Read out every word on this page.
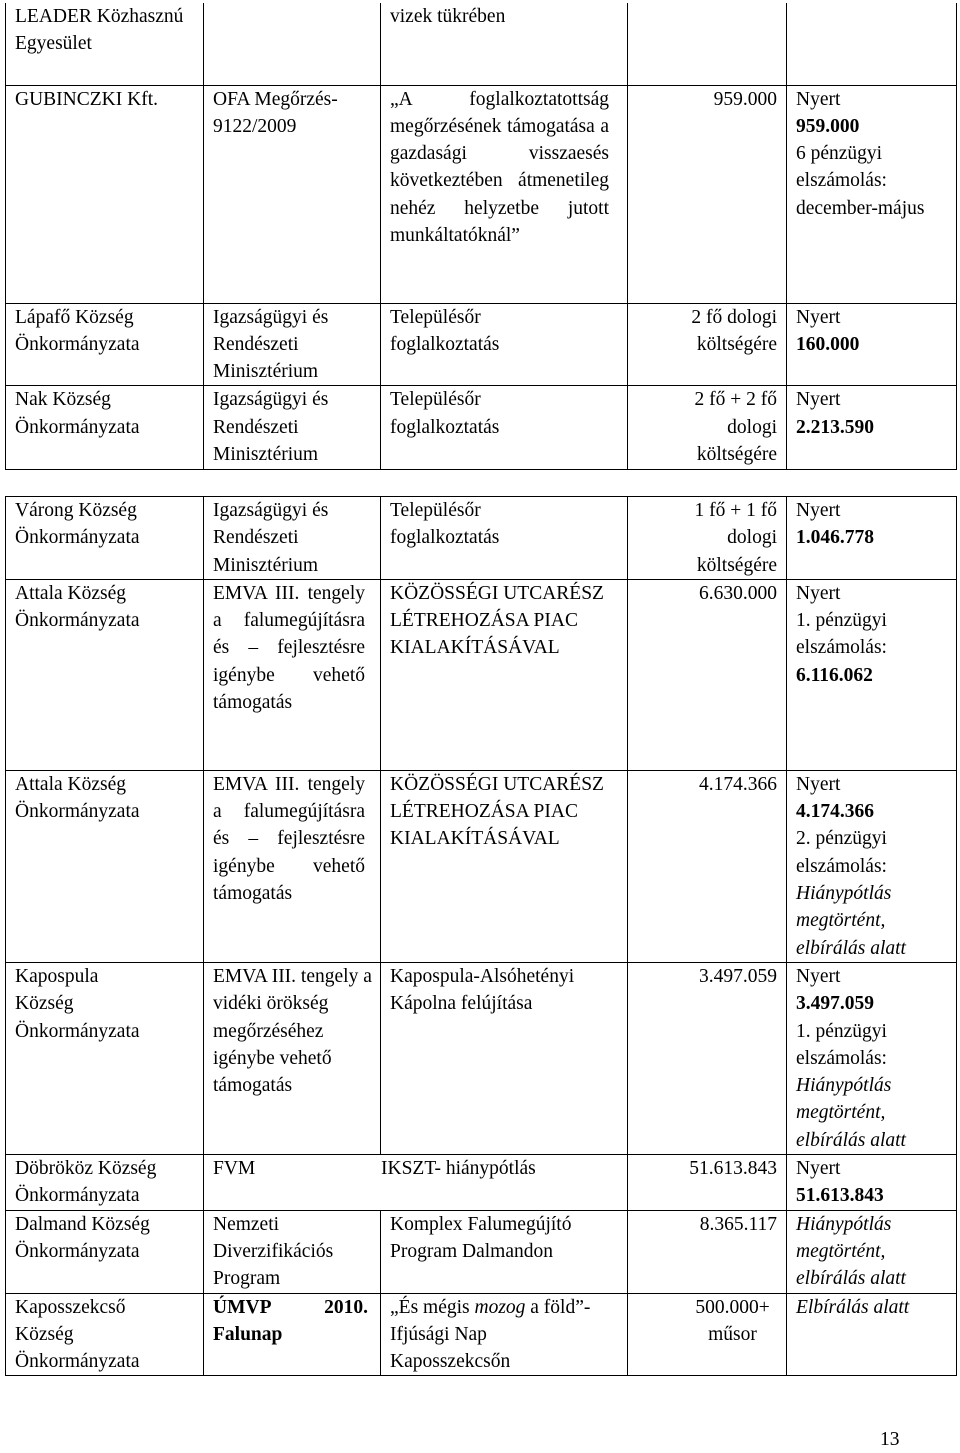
LEADER Közhasznú Egyesület		vizek tükrében		
GUBINCZKI Kft.	OFA Megőrzés-9122/2009	„A foglalkoztatottság megőrzésének támogatása a gazdasági visszaesés következtében átmenetileg nehéz helyzetbe jutott munkáltatóknál”	959.000	Nyert
959.000
6 pénzügyi elszámolás: december-május

Lápafő Község Önkormányzata	Igazságügyi és Rendészeti Minisztérium	Településőr foglalkoztatás	2 fő dologi költségére	Nyert
160.000

Nak Község Önkormányzata	Igazságügyi és Rendészeti Minisztérium	Településőr foglalkoztatás	2 fő + 2 fő dologi költségére	Nyert
2.213.590
Várong Község Önkormányzata	Igazságügyi és Rendészeti Minisztérium	Településőr foglalkoztatás	1 fő + 1 fő dologi költségére	Nyert
1.046.778

Attala Község Önkormányzata	EMVA III. tengely a falumegújításra és – fejlesztésre igénybe vehető támogatás	KÖZÖSSÉGI UTCARÉSZ LÉTREHOZÁSA PIAC KIALAKÍTÁSÁVAL	6.630.000	Nyert
1. pénzügyi elszámolás:
6.116.062

Attala Község Önkormányzata	EMVA III. tengely a falumegújításra és – fejlesztésre igénybe vehető támogatás	KÖZÖSSÉGI UTCARÉSZ LÉTREHOZÁSA PIAC KIALAKÍTÁSÁVAL	4.174.366	Nyert
4.174.366
2. pénzügyi elszámolás:
Hiánypótlás megtörtént, elbírálás alatt

Kapospula Község Önkormányzata	EMVA III. tengely a vidéki örökség megőrzéséhez igénybe vehető támogatás	Kapospula-Alsóhetényi Kápolna felújítása	3.497.059	Nyert
3.497.059
1. pénzügyi elszámolás:
Hiánypótlás megtörtént, elbírálás alatt

Döbrököz Község Önkormányzata	FVM IKSZT- hiánypótlás		51.613.843	Nyert
51.613.843

Dalmand Község Önkormányzata	Nemzeti Diverzifikációs Program	Komplex Falumegújító Program Dalmandon	8.365.117	Hiánypótlás megtörtént, elbírálás alatt

Kaposszekcső Község Önkormányzata	ÚMVP 2010. Falunap	„És mégis mozog a föld”- Ifjúsági Nap Kaposszekcsőn	500.000+ műsor	Elbírálás alatt
13
